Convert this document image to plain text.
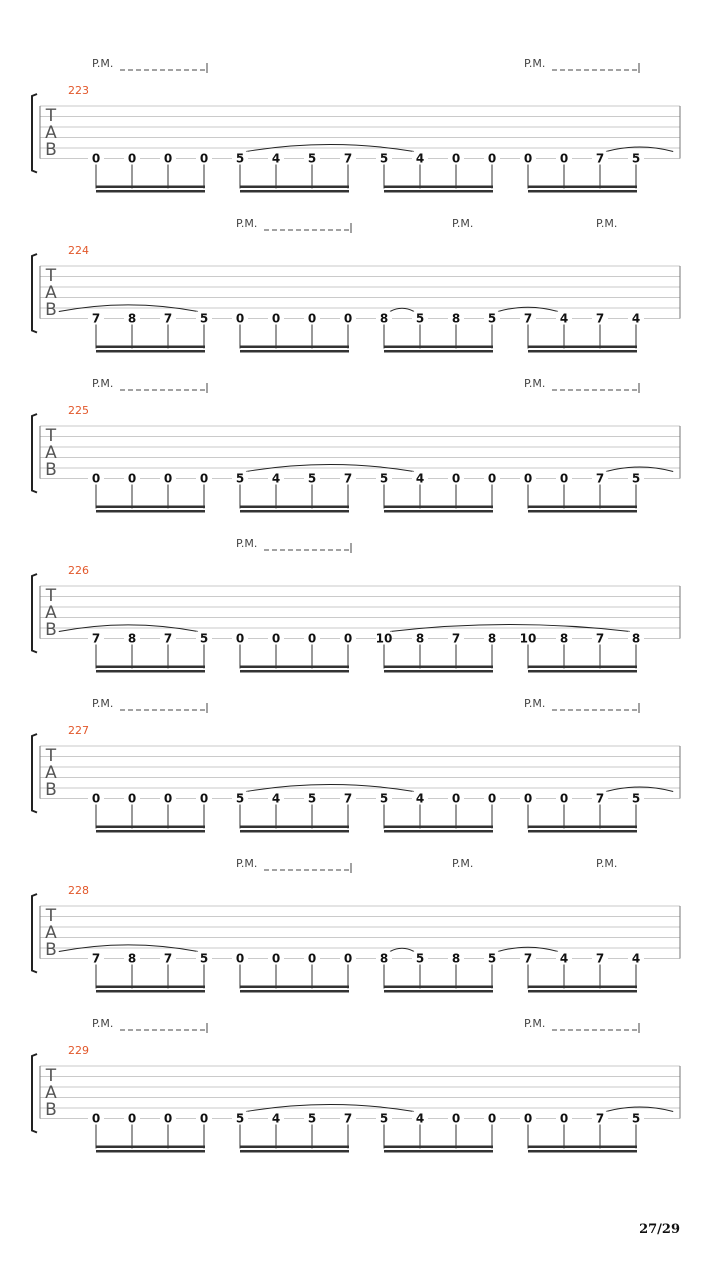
T
A
B
223
P.M.	P.M.
0 0 0 0 5 4 5 7 5 4 0 0 0 0 7 5
T
A
B
224
P.M.	P.M.	P.M.
7 8 7 5 0 0 0 0 8 5 8 5 7 4 7 4
T
A
B
225
P.M.	P.M.
0 0 0 0 5 4 5 7 5 4 0 0 0 0 7 5
T
A
B
226
P.M.
7 8 7 5 0 0 0 0 10 8 7 8 10 8 7 8
T
A
B
227
P.M.	P.M.
0 0 0 0 5 4 5 7 5 4 0 0 0 0 7 5
T
A
B
228
P.M.	P.M.	P.M.
7 8 7 5 0 0 0 0 8 5 8 5 7 4 7 4
T
A
B
229
P.M.	P.M.
0 0 0 0 5 4 5 7 5 4 0 0 0 0 7 5
27/29
